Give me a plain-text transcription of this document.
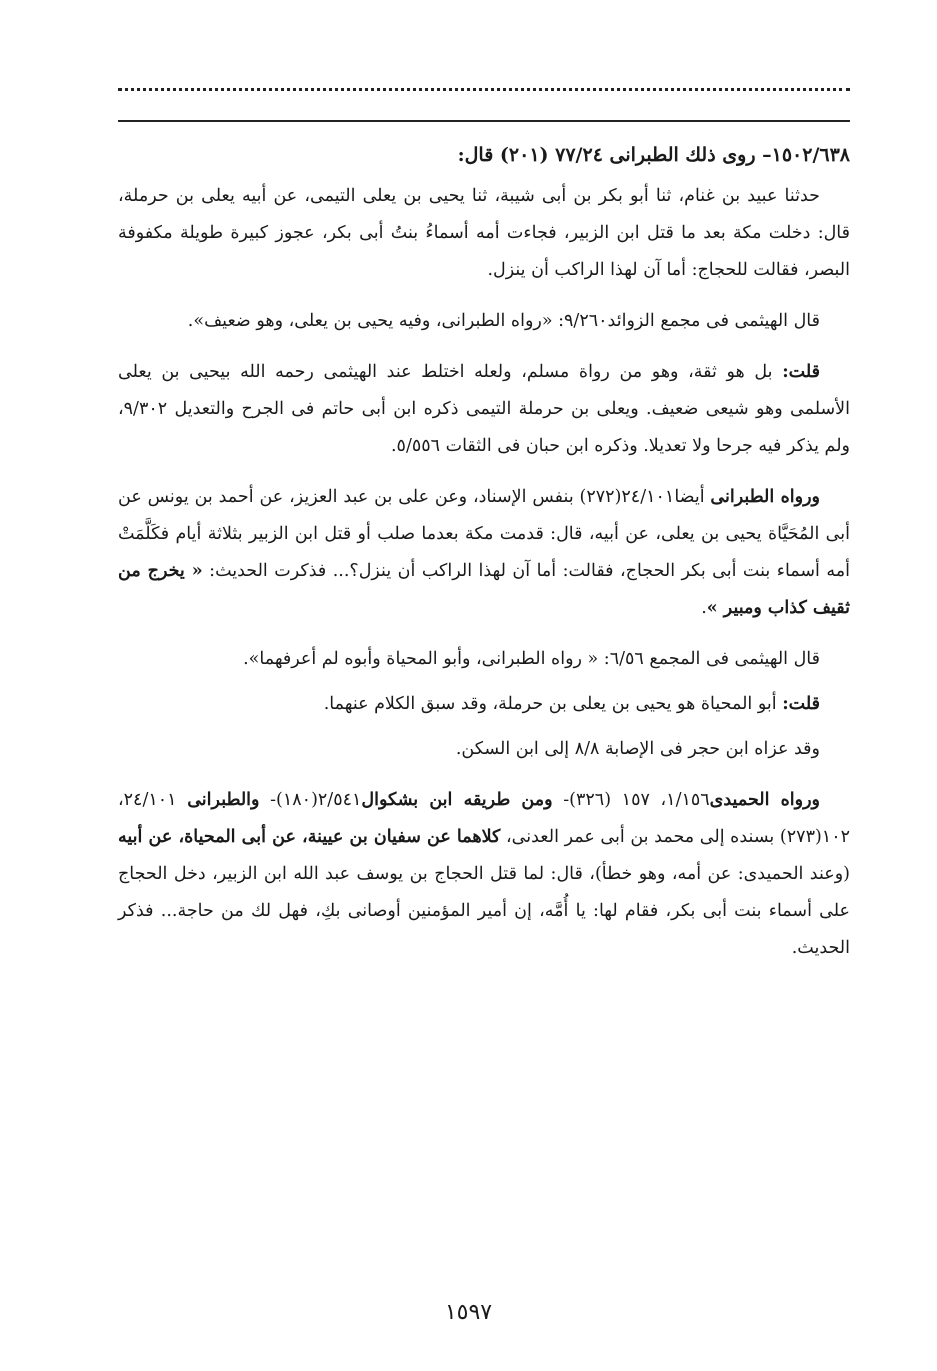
١٥٠٢/٦٣٨– روى ذلك الطبرانى ٧٧/٢٤ (٢٠١) قال:

حدثنا عبيد بن غنام، ثنا أبو بكر بن أبى شيبة، ثنا يحيى بن يعلى التيمى، عن أبيه يعلى بن حرملة، قال: دخلت مكة بعد ما قتل ابن الزبير، فجاءت أمه أسماءُ بنتُ أبى بكر، عجوز كبيرة طويلة مكفوفة البصر، فقالت للحجاج: أما آن لهذا الراكب أن ينزل.

قال الهيثمى فى مجمع الزوائد٩/٢٦٠: «رواه الطبرانى، وفيه يحيى بن يعلى، وهو ضعيف».

قلت: بل هو ثقة، وهو من رواة مسلم، ولعله اختلط عند الهيثمى رحمه الله بيحيى بن يعلى الأسلمى وهو شيعى ضعيف. ويعلى بن حرملة التيمى ذكره ابن أبى حاتم فى الجرح والتعديل ٩/٣٠٢، ولم يذكر فيه جرحا ولا تعديلا. وذكره ابن حبان فى الثقات ٥/٥٥٦.

ورواه الطبرانى أيضا٢٤/١٠١(٢٧٢) بنفس الإسناد، وعن على بن عبد العزيز، عن أحمد بن يونس عن أبى المُحَيَّاة يحيى بن يعلى، عن أبيه، قال: قدمت مكة بعدما صلب أو قتل ابن الزبير بثلاثة أيام فكَلَّمَتْ أمه أسماء بنت أبى بكر الحجاج، فقالت: أما آن لهذا الراكب أن ينزل؟... فذكرت الحديث: « يخرج من ثقيف كذاب ومبير ».

قال الهيثمى فى المجمع ٦/٥٦: « رواه الطبرانى، وأبو المحياة وأبوه لم أعرفهما».

قلت: أبو المحياة هو يحيى بن يعلى بن حرملة، وقد سبق الكلام عنهما.

وقد عزاه ابن حجر فى الإصابة ٨/٨ إلى ابن السكن.

ورواه الحميدى١/١٥٦، ١٥٧ (٣٢٦)- ومن طريقه ابن بشكوال٢/٥٤١(١٨٠)- والطبرانى ٢٤/١٠١، ١٠٢(٢٧٣) بسنده إلى محمد بن أبى عمر العدنى، كلاهما عن سفيان بن عيينة، عن أبى المحياة، عن أبيه (وعند الحميدى: عن أمه، وهو خطأ)، قال: لما قتل الحجاج بن يوسف عبد الله ابن الزبير، دخل الحجاج على أسماء بنت أبى بكر، فقام لها: يا أُمَّه، إن أمير المؤمنين أوصانى بكِ، فهل لك من حاجة... فذكر الحديث.

١٥٩٧
